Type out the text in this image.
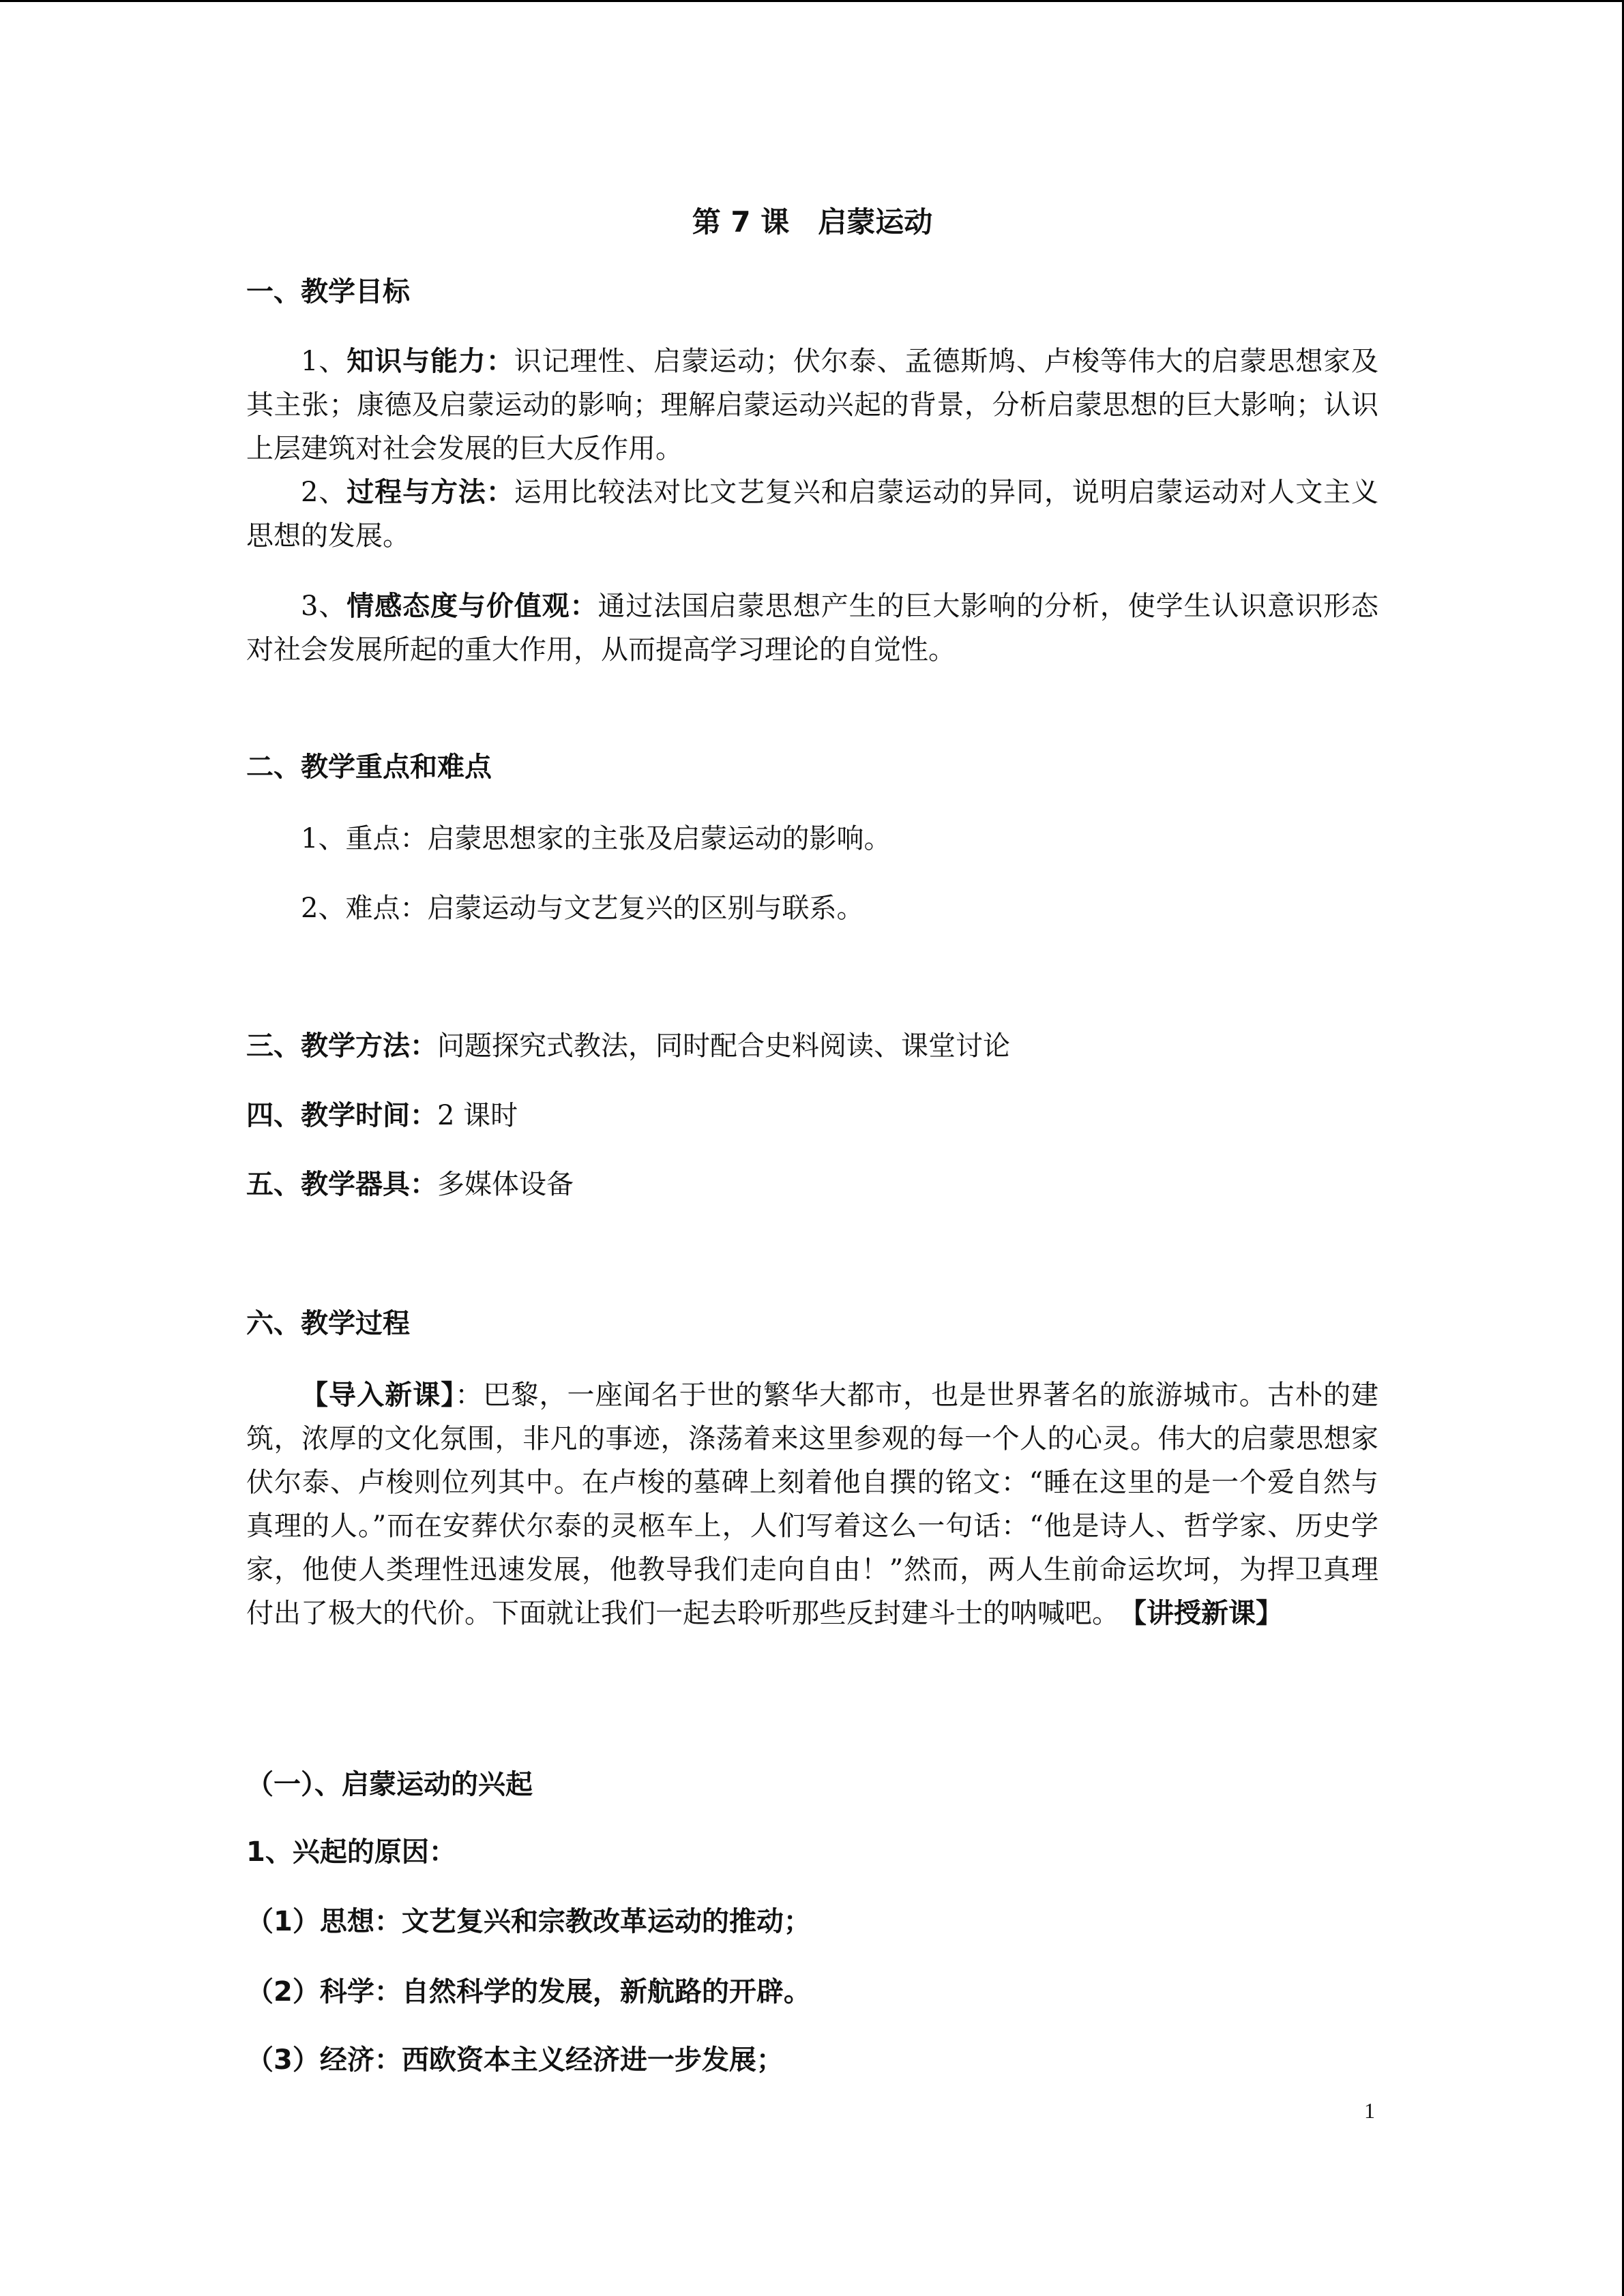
第 7 课　启蒙运动
一、教学目标

1、知识与能力：识记理性、启蒙运动；伏尔泰、孟德斯鸠、卢梭等伟大的启蒙思想家及其主张；康德及启蒙运动的影响；理解启蒙运动兴起的背景，分析启蒙思想的巨大影响；认识上层建筑对社会发展的巨大反作用。

2、过程与方法：运用比较法对比文艺复兴和启蒙运动的异同，说明启蒙运动对人文主义思想的发展。

3、情感态度与价值观：通过法国启蒙思想产生的巨大影响的分析，使学生认识意识形态对社会发展所起的重大作用，从而提高学习理论的自觉性。

二、教学重点和难点
1、重点：启蒙思想家的主张及启蒙运动的影响。
2、难点：启蒙运动与文艺复兴的区别与联系。
三、教学方法：问题探究式教法，同时配合史料阅读、课堂讨论
四、教学时间：2 课时
五、教学器具：多媒体设备
六、教学过程

【导入新课】：巴黎，一座闻名于世的繁华大都市，也是世界著名的旅游城市。古朴的建筑，浓厚的文化氛围，非凡的事迹，涤荡着来这里参观的每一个人的心灵。伟大的启蒙思想家伏尔泰、卢梭则位列其中。在卢梭的墓碑上刻着他自撰的铭文：“睡在这里的是一个爱自然与真理的人。”而在安葬伏尔泰的灵柩车上，人们写着这么一句话：“他是诗人、哲学家、历史学家，他使人类理性迅速发展，他教导我们走向自由！”然而，两人生前命运坎坷，为捍卫真理付出了极大的代价。下面就让我们一起去聆听那些反封建斗士的呐喊吧。　 【讲授新课】

（一）、启蒙运动的兴起
1、兴起的原因：
（1）思想：文艺复兴和宗教改革运动的推动；
（2）科学：自然科学的发展，新航路的开辟。
（3）经济：西欧资本主义经济进一步发展；
1
